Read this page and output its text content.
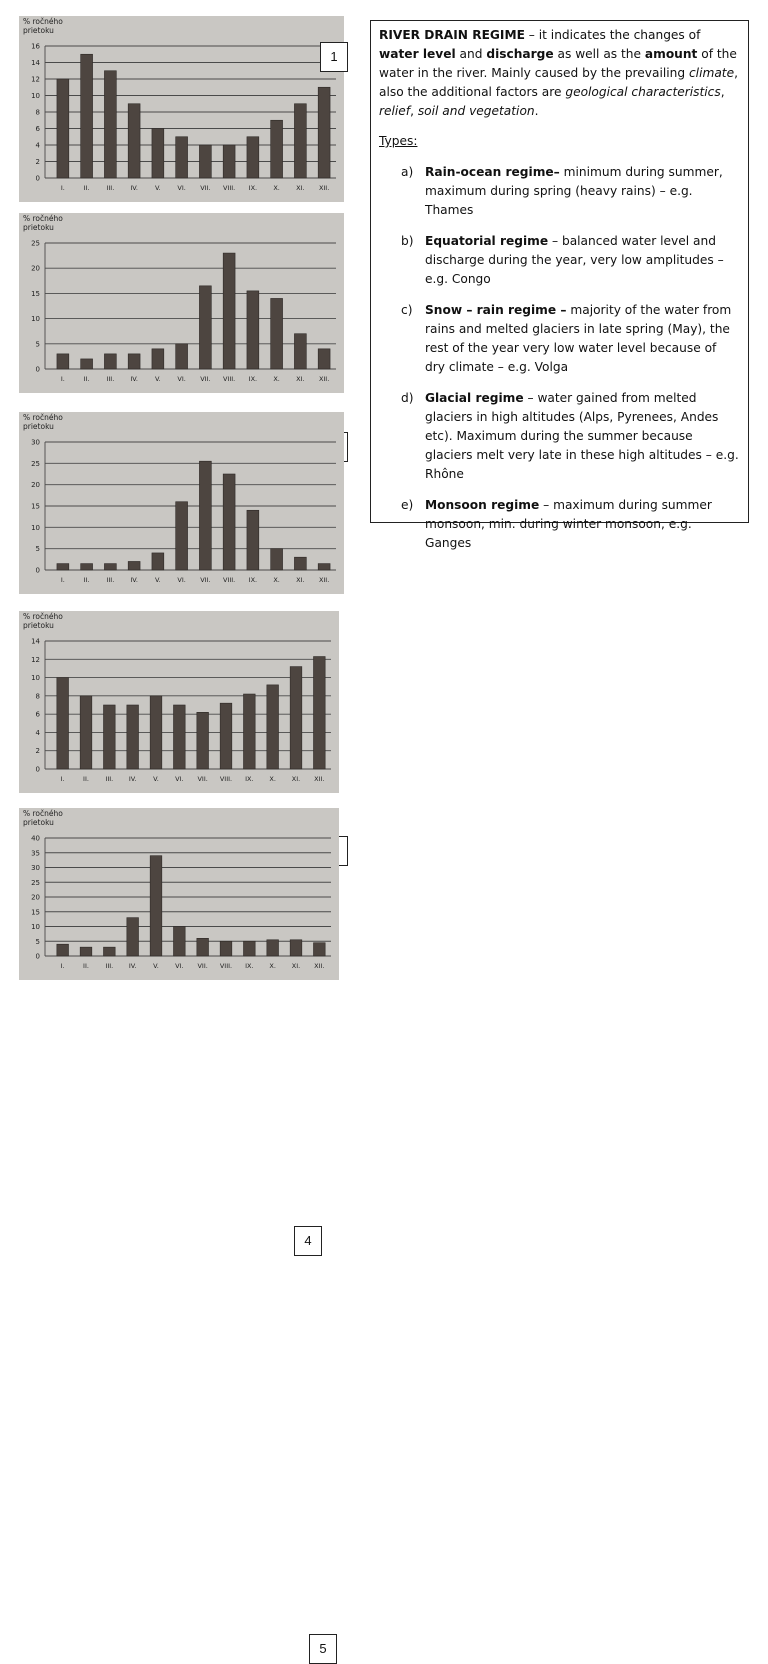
% ročného
prietoku
0
2
4
6
8
10
12
14
16
I.	II.	III. IV.	V.	VI. VII. VIII. IX.	X.	XI. XII.
1
% ročného
prietoku
0
5
10
15
20
25
I.	II.	III. IV.	V.	VI. VII. VIII. IX.	X.	XI. XII.
% ročného
prietoku
0
5
10
15
20
25
30
I.	II.	III. IV.	V.	VI. VII. VIII. IX.	X.	XI. XII.
% ročného
prietoku
0
2
4
6
8
10
12
14
I.	II.	III. IV.	V.	VI. VII. VIII. IX. X. XI. XII.
4
% ročného
prietoku
0
5
10
15
20
25
30
35
40
I.	II.	III. IV.	V.	VI. VII. VIII. IX. X. XI. XII.
5

RIVER DRAIN REGIME – it indicates the changes of water level and discharge as well as the amount of the water in the river. Mainly caused by the prevailing climate, also the additional factors are geological characteristics, relief, soil and vegetation.

Types:

a) Rain-ocean regime– minimum during summer, maximum during spring (heavy rains) – e.g. Thames
b) Equatorial regime – balanced water level and discharge during the year, very low amplitudes – e.g. Congo
c) Snow – rain regime – majority of the water from rains and melted glaciers in late spring (May), the rest of the year very low water level because of dry climate – e.g. Volga
d) Glacial regime – water gained from melted glaciers in high altitudes (Alps, Pyrenees, Andes etc). Maximum during the summer because glaciers melt very late in these high altitudes – e.g. Rhône
e) Monsoon regime – maximum during summer monsoon, min. during winter monsoon, e.g. Ganges
